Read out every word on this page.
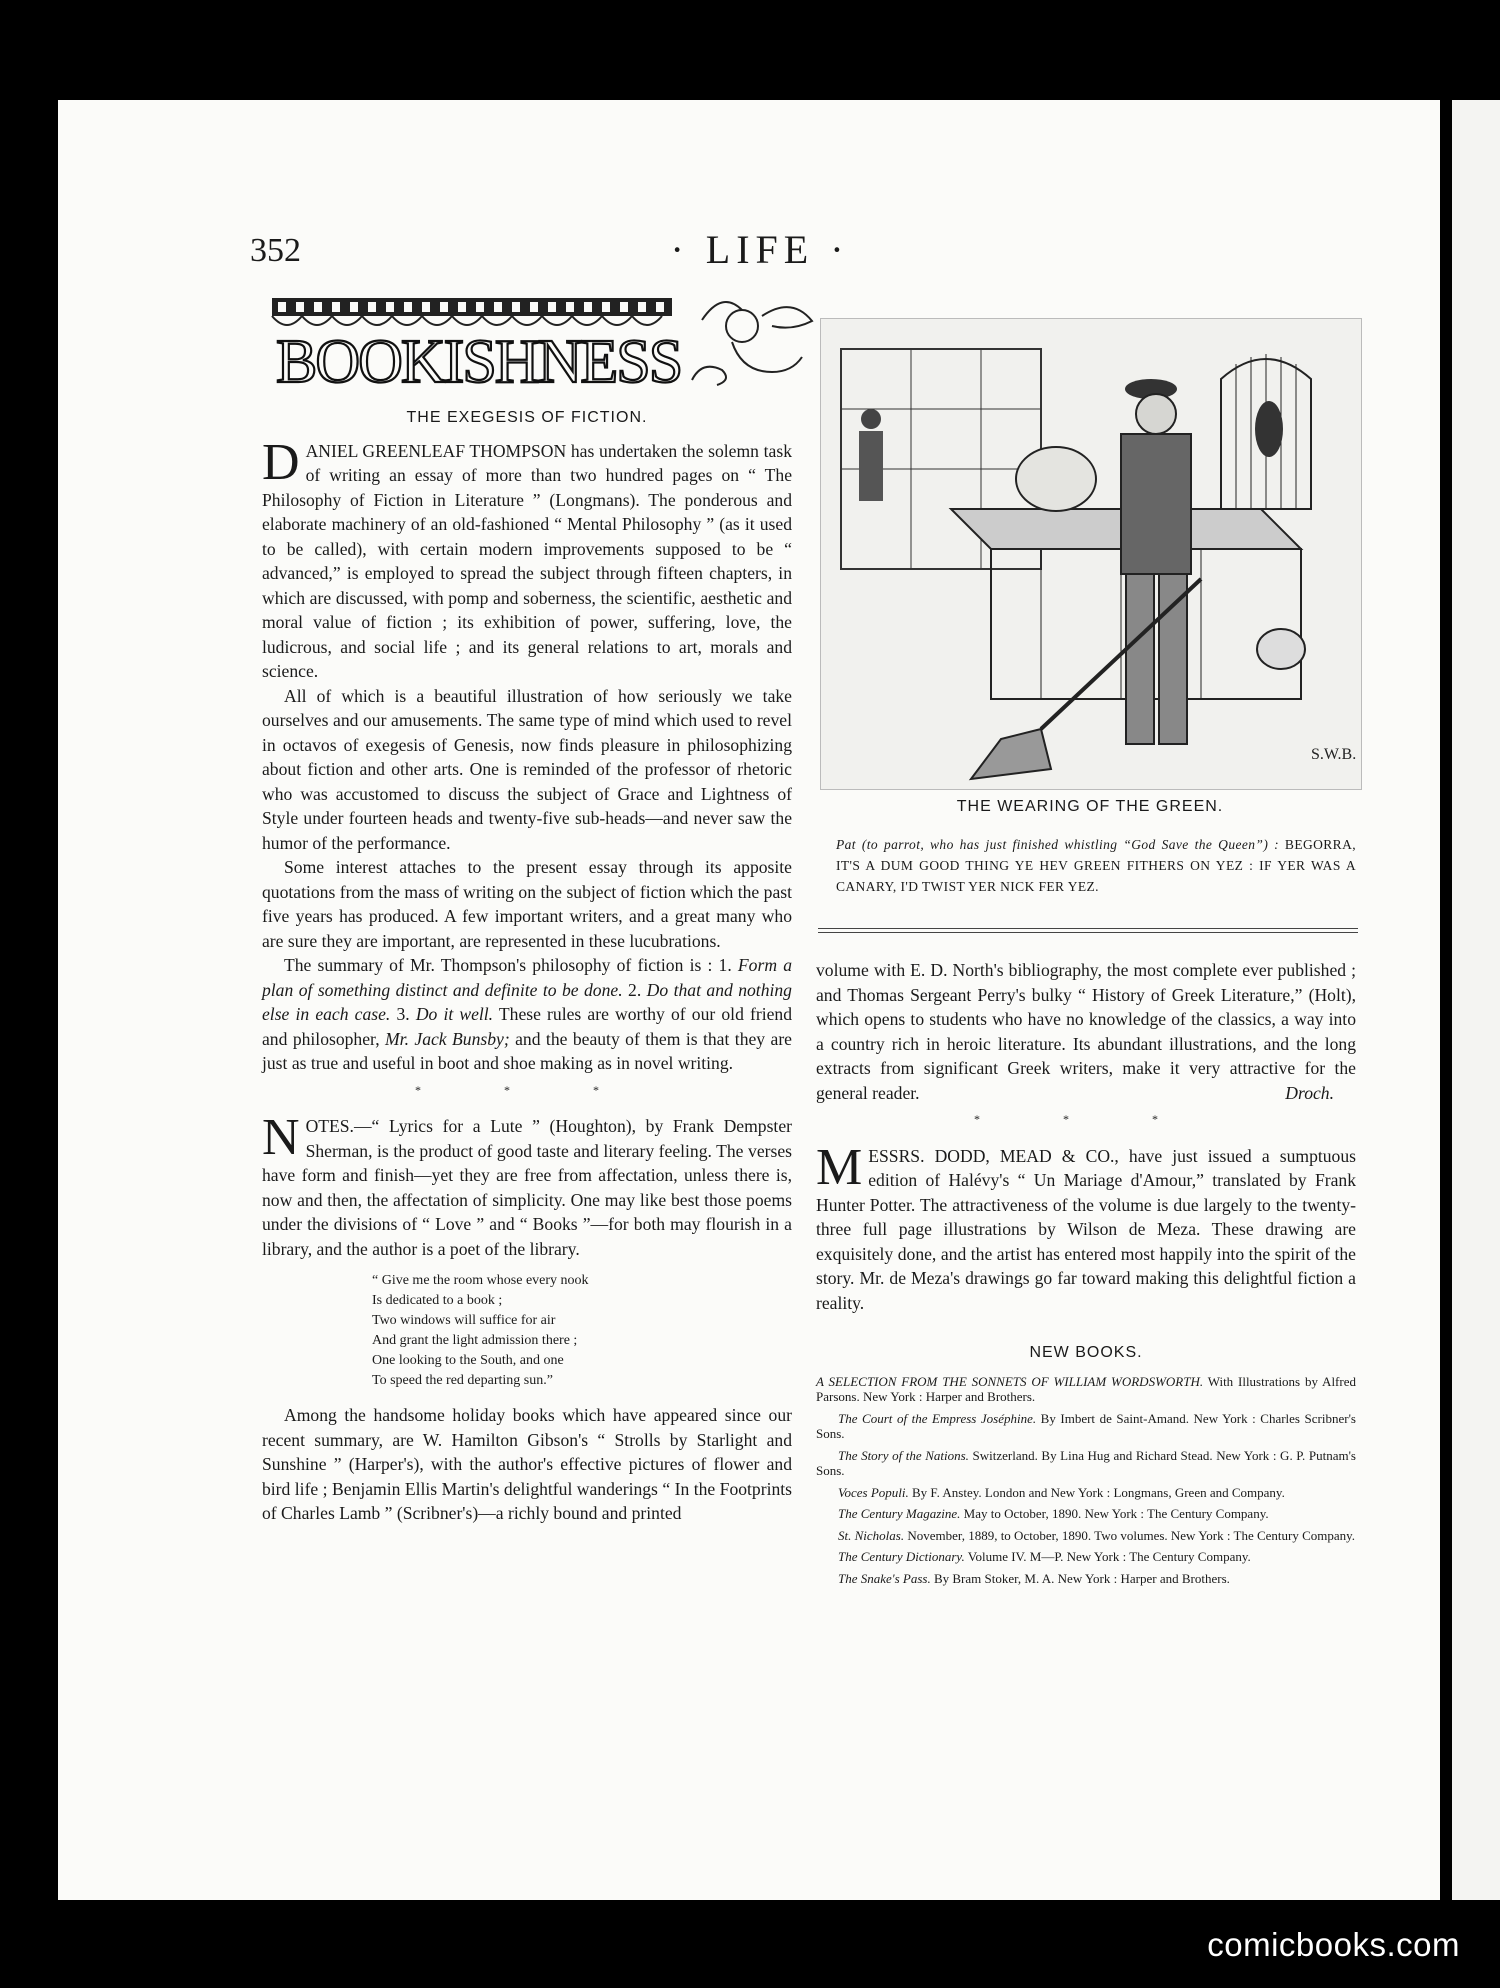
352	· LIFE ·
BOOKISHNESS
THE EXEGESIS OF FICTION.

DANIEL GREENLEAF THOMPSON has undertaken the solemn task of writing an essay of more than two hundred pages on “ The Philosophy of Fiction in Literature ” (Longmans). The ponderous and elaborate machinery of an old-fashioned “ Mental Philosophy ” (as it used to be called), with certain modern improvements supposed to be “ advanced,” is employed to spread the subject through fifteen chapters, in which are discussed, with pomp and soberness, the scientific, aesthetic and moral value of fiction ; its exhibition of power, suffering, love, the ludicrous, and social life ; and its general relations to art, morals and science.

All of which is a beautiful illustration of how seriously we take ourselves and our amusements. The same type of mind which used to revel in octavos of exegesis of Genesis, now finds pleasure in philosophizing about fiction and other arts. One is reminded of the professor of rhetoric who was accustomed to discuss the subject of Grace and Lightness of Style under fourteen heads and twenty-five sub-heads—and never saw the humor of the performance.

Some interest attaches to the present essay through its apposite quotations from the mass of writing on the subject of fiction which the past five years has produced. A few important writers, and a great many who are sure they are important, are represented in these lucubrations.

The summary of Mr. Thompson's philosophy of fiction is : 1. Form a plan of something distinct and definite to be done. 2. Do that and nothing else in each case. 3. Do it well. These rules are worthy of our old friend and philosopher, Mr. Jack Bunsby; and the beauty of them is that they are just as true and useful in boot and shoe making as in novel writing.

* * *

NOTES.—“ Lyrics for a Lute ” (Houghton), by Frank Dempster Sherman, is the product of good taste and literary feeling. The verses have form and finish—yet they are free from affectation, unless there is, now and then, the affectation of simplicity. One may like best those poems under the divisions of “ Love ” and “ Books ”—for both may flourish in a library, and the author is a poet of the library.

“ Give me the room whose every nook
Is dedicated to a book ;
Two windows will suffice for air
And grant the light admission there ;
One looking to the South, and one
To speed the red departing sun.”

Among the handsome holiday books which have appeared since our recent summary, are W. Hamilton Gibson's “ Strolls by Starlight and Sunshine ” (Harper's), with the author's effective pictures of flower and bird life ; Benjamin Ellis Martin's delightful wanderings “ In the Footprints of Charles Lamb ” (Scribner's)—a richly bound and printed

S.W.B.
THE WEARING OF THE GREEN.
Pat (to parrot, who has just finished whistling “God Save the Queen”) : BEGORRA, IT'S A DUM GOOD THING YE HEV GREEN FITHERS ON YEZ : IF YER WAS A CANARY, I'D TWIST YER NICK FER YEZ.

volume with E. D. North's bibliography, the most complete ever published ; and Thomas Sergeant Perry's bulky “ History of Greek Literature,” (Holt), which opens to students who have no knowledge of the classics, a way into a country rich in heroic literature. Its abundant illustrations, and the long extracts from significant Greek writers, make it very attractive for the general reader.	Droch.

* * *

MESSRS. DODD, MEAD & CO., have just issued a sumptuous edition of Halévy's “ Un Mariage d'Amour,” translated by Frank Hunter Potter. The attractiveness of the volume is due largely to the twenty-three full page illustrations by Wilson de Meza. These drawing are exquisitely done, and the artist has entered most happily into the spirit of the story. Mr. de Meza's drawings go far toward making this delightful fiction a reality.

NEW BOOKS.

A SELECTION FROM THE SONNETS OF WILLIAM WORDSWORTH. With Illustrations by Alfred Parsons. New York : Harper and Brothers.

The Court of the Empress Joséphine. By Imbert de Saint-Amand. New York : Charles Scribner's Sons.

The Story of the Nations. Switzerland. By Lina Hug and Richard Stead. New York : G. P. Putnam's Sons.

Voces Populi. By F. Anstey. London and New York : Longmans, Green and Company.

The Century Magazine. May to October, 1890. New York : The Century Company.

St. Nicholas. November, 1889, to October, 1890. Two volumes. New York : The Century Company.

The Century Dictionary. Volume IV. M—P. New York : The Century Company.

The Snake's Pass. By Bram Stoker, M. A. New York : Harper and Brothers.

comicbooks.com
